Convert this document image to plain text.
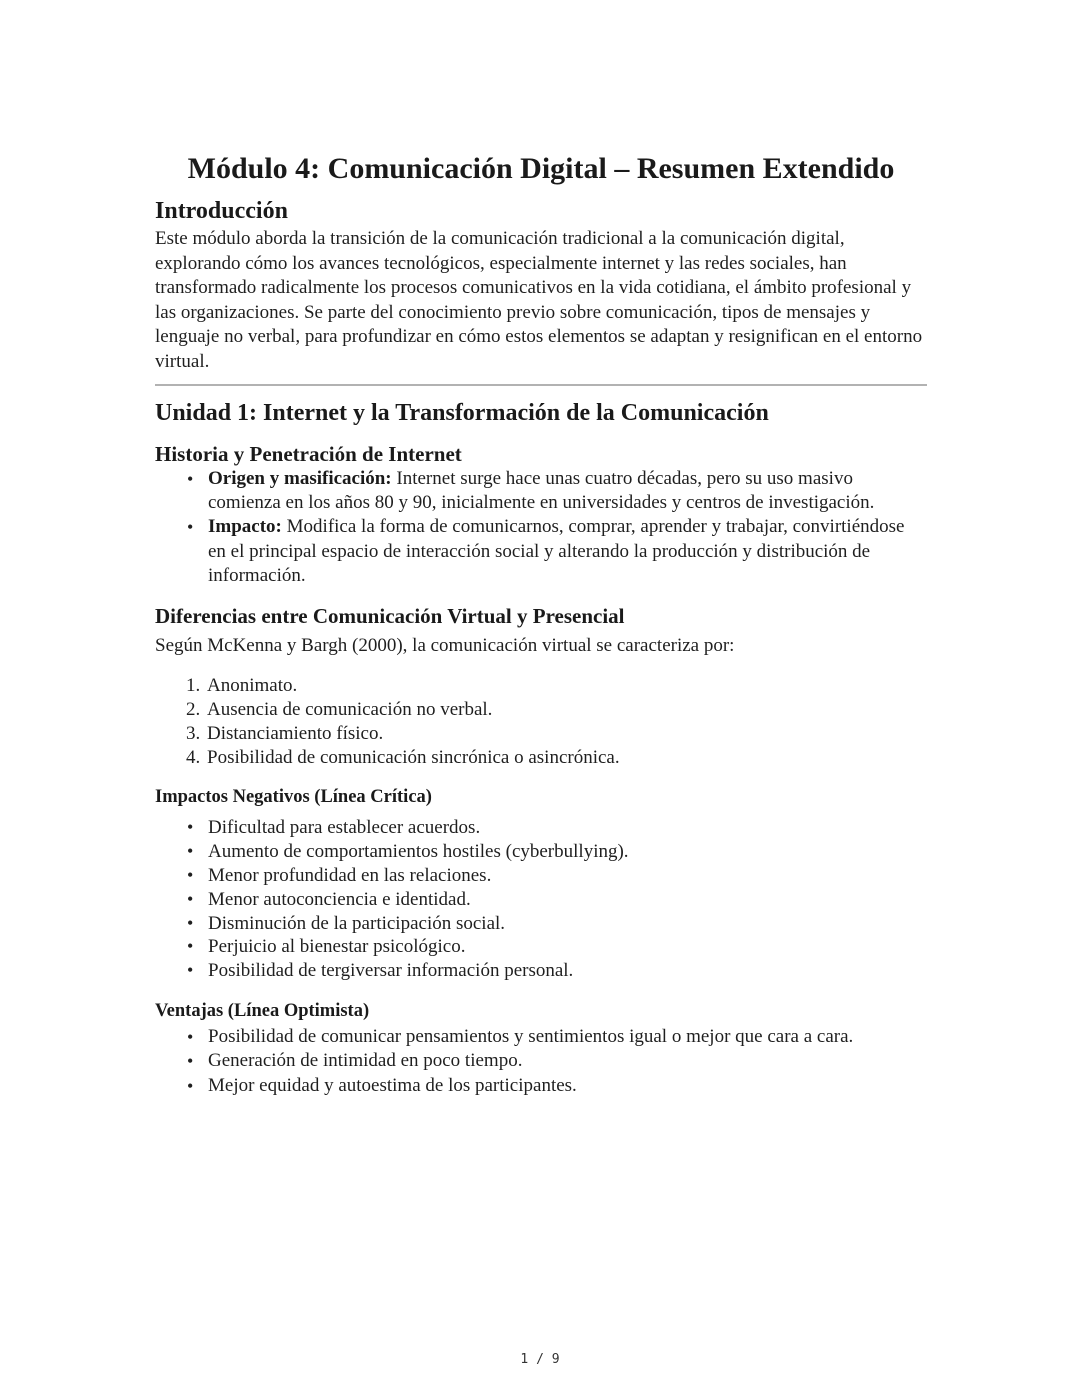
Módulo 4: Comunicación Digital – Resumen Extendido
Introducción

Este módulo aborda la transición de la comunicación tradicional a la comunicación digital, explorando cómo los avances tecnológicos, especialmente internet y las redes sociales, han transformado radicalmente los procesos comunicativos en la vida cotidiana, el ámbito profesional y las organizaciones. Se parte del conocimiento previo sobre comunicación, tipos de mensajes y lenguaje no verbal, para profundizar en cómo estos elementos se adaptan y resignifican en el entorno virtual.

Unidad 1: Internet y la Transformación de la Comunicación
Historia y Penetración de Internet
• Origen y masificación: Internet surge hace unas cuatro décadas, pero su uso masivo comienza en los años 80 y 90, inicialmente en universidades y centros de investigación.
• Impacto: Modifica la forma de comunicarnos, comprar, aprender y trabajar, convirtiéndose en el principal espacio de interacción social y alterando la producción y distribución de información.
Diferencias entre Comunicación Virtual y Presencial

Según McKenna y Bargh (2000), la comunicación virtual se caracteriza por:

1. Anonimato.
2. Ausencia de comunicación no verbal.
3. Distanciamiento físico.
4. Posibilidad de comunicación sincrónica o asincrónica.
Impactos Negativos (Línea Crítica)
• Dificultad para establecer acuerdos.
• Aumento de comportamientos hostiles (cyberbullying).
• Menor profundidad en las relaciones.
• Menor autoconciencia e identidad.
• Disminución de la participación social.
• Perjuicio al bienestar psicológico.
• Posibilidad de tergiversar información personal.
Ventajas (Línea Optimista)
• Posibilidad de comunicar pensamientos y sentimientos igual o mejor que cara a cara.
• Generación de intimidad en poco tiempo.
• Mejor equidad y autoestima de los participantes.
1 / 9
